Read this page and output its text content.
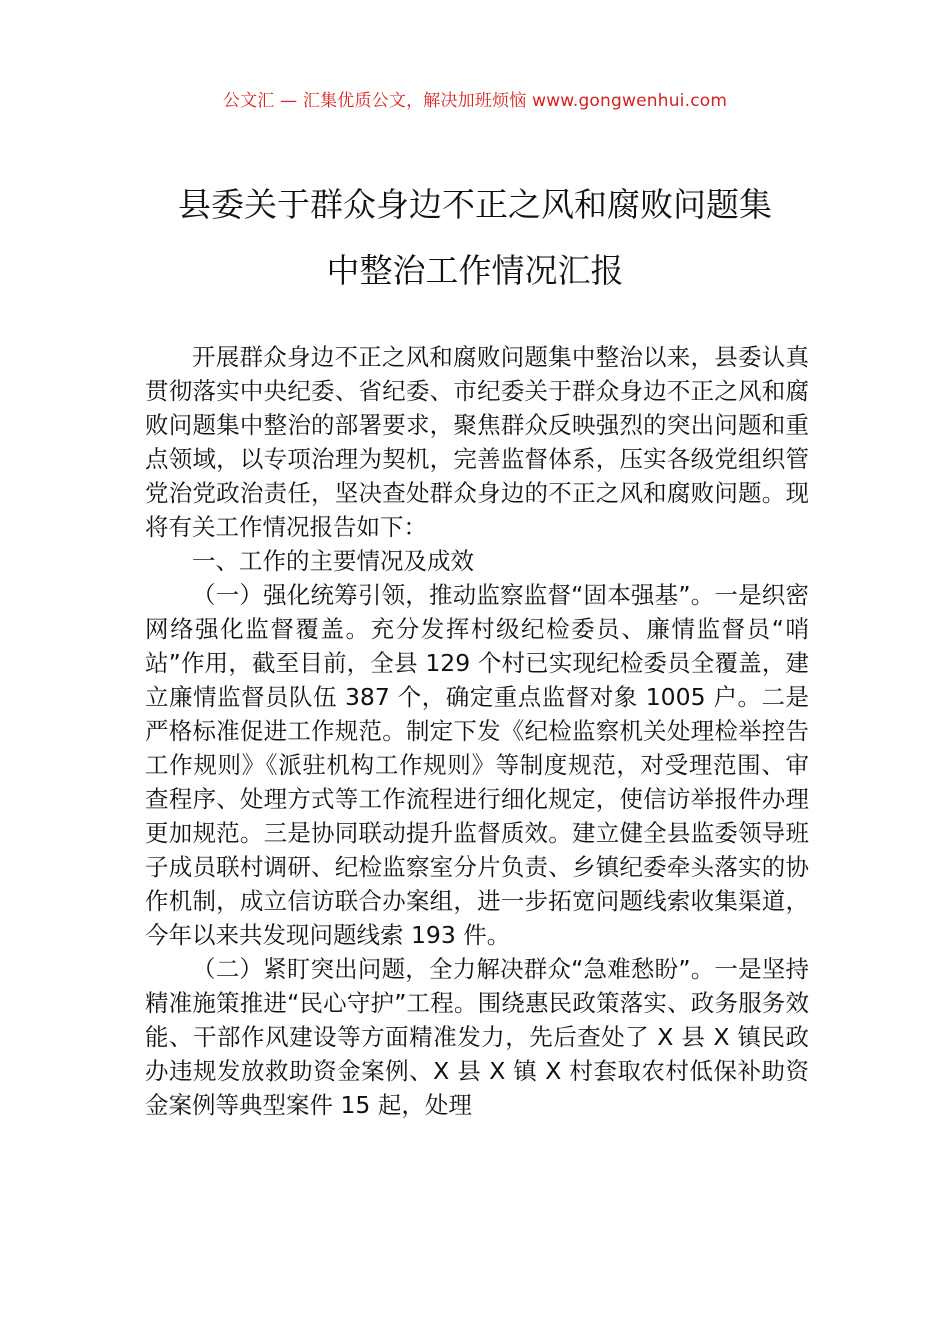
公文汇 — 汇集优质公文，解决加班烦恼 www.gongwenhui.com
县委关于群众身边不正之风和腐败问题集
中整治工作情况汇报

开展群众身边不正之风和腐败问题集中整治以来，县委认真贯彻落实中央纪委、省纪委、市纪委关于群众身边不正之风和腐败问题集中整治的部署要求，聚焦群众反映强烈的突出问题和重点领域，以专项治理为契机，完善监督体系，压实各级党组织管党治党政治责任，坚决查处群众身边的不正之风和腐败问题。现将有关工作情况报告如下：

一、工作的主要情况及成效

（一）强化统筹引领，推动监察监督“固本强基”。一是织密网络强化监督覆盖。充分发挥村级纪检委员、廉情监督员“哨站”作用，截至目前，全县 129 个村已实现纪检委员全覆盖，建立廉情监督员队伍 387 个，确定重点监督对象 1005 户。二是严格标准促进工作规范。制定下发《纪检监察机关处理检举控告工作规则》《派驻机构工作规则》等制度规范，对受理范围、审查程序、处理方式等工作流程进行细化规定，使信访举报件办理更加规范。三是协同联动提升监督质效。建立健全县监委领导班子成员联村调研、纪检监察室分片负责、乡镇纪委牵头落实的协作机制，成立信访联合办案组，进一步拓宽问题线索收集渠道，今年以来共发现问题线索 193 件。

（二）紧盯突出问题，全力解决群众“急难愁盼”。一是坚持精准施策推进“民心守护”工程。围绕惠民政策落实、政务服务效能、干部作风建设等方面精准发力，先后查处了 X 县 X 镇民政办违规发放救助资金案例、X 县 X 镇 X 村套取农村低保补助资金案例等典型案件 15 起，处理
